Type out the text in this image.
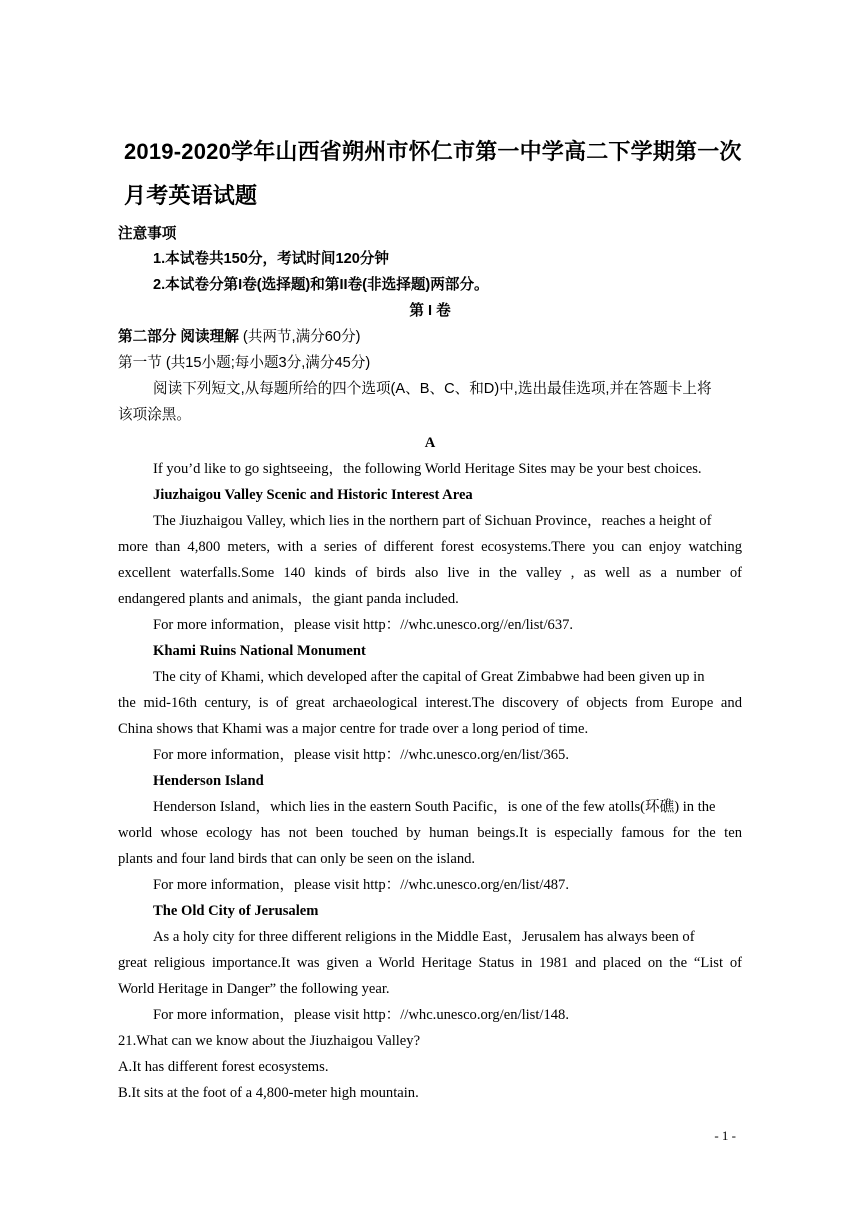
2019-2020学年山西省朔州市怀仁市第一中学高二下学期第一次月考英语试题
注意事项
1.本试卷共150分，考试时间120分钟
2.本试卷分第I卷(选择题)和第II卷(非选择题)两部分。
第 I 卷
第二部分 阅读理解 (共两节,满分60分)
第一节 (共15小题;每小题3分,满分45分)
阅读下列短文,从每题所给的四个选项(A、B、C、和D)中,选出最佳选项,并在答题卡上将
该项涂黑。
A
If you’d like to go sightseeing，the following World Heritage Sites may be your best choices.
Jiuzhaigou Valley Scenic and Historic Interest Area
The Jiuzhaigou Valley, which lies in the northern part of Sichuan Province，reaches a height of
more than 4,800 meters, with a series of different forest ecosystems.There you can enjoy watching
excellent waterfalls.Some 140 kinds of birds also live in the valley , as well as a number of
endangered plants and animals，the giant panda included.
For more information，please visit http：//whc.unesco.org//en/list/637.
Khami Ruins National Monument
The city of Khami, which developed after the capital of Great Zimbabwe had been given up in
the mid-16th century, is of great archaeological interest.The discovery of objects from Europe and
China shows that Khami was a major centre for trade over a long period of time.
For more information，please visit http：//whc.unesco.org/en/list/365.
Henderson Island
Henderson Island，which lies in the eastern South Pacific，is one of the few atolls(环礁) in the
world whose ecology has not been touched by human beings.It is especially famous for the ten
plants and four land birds that can only be seen on the island.
For more information，please visit http：//whc.unesco.org/en/list/487.
The Old City of Jerusalem
As a holy city for three different religions in the Middle East，Jerusalem has always been of
great religious importance.It was given a World Heritage Status in 1981 and placed on the “List of
World Heritage in Danger” the following year.
For more information，please visit http：//whc.unesco.org/en/list/148.
21.What can we know about the Jiuzhaigou Valley?
A.It has different forest ecosystems.
B.It sits at the foot of a 4,800-meter high mountain.
- 1 -
